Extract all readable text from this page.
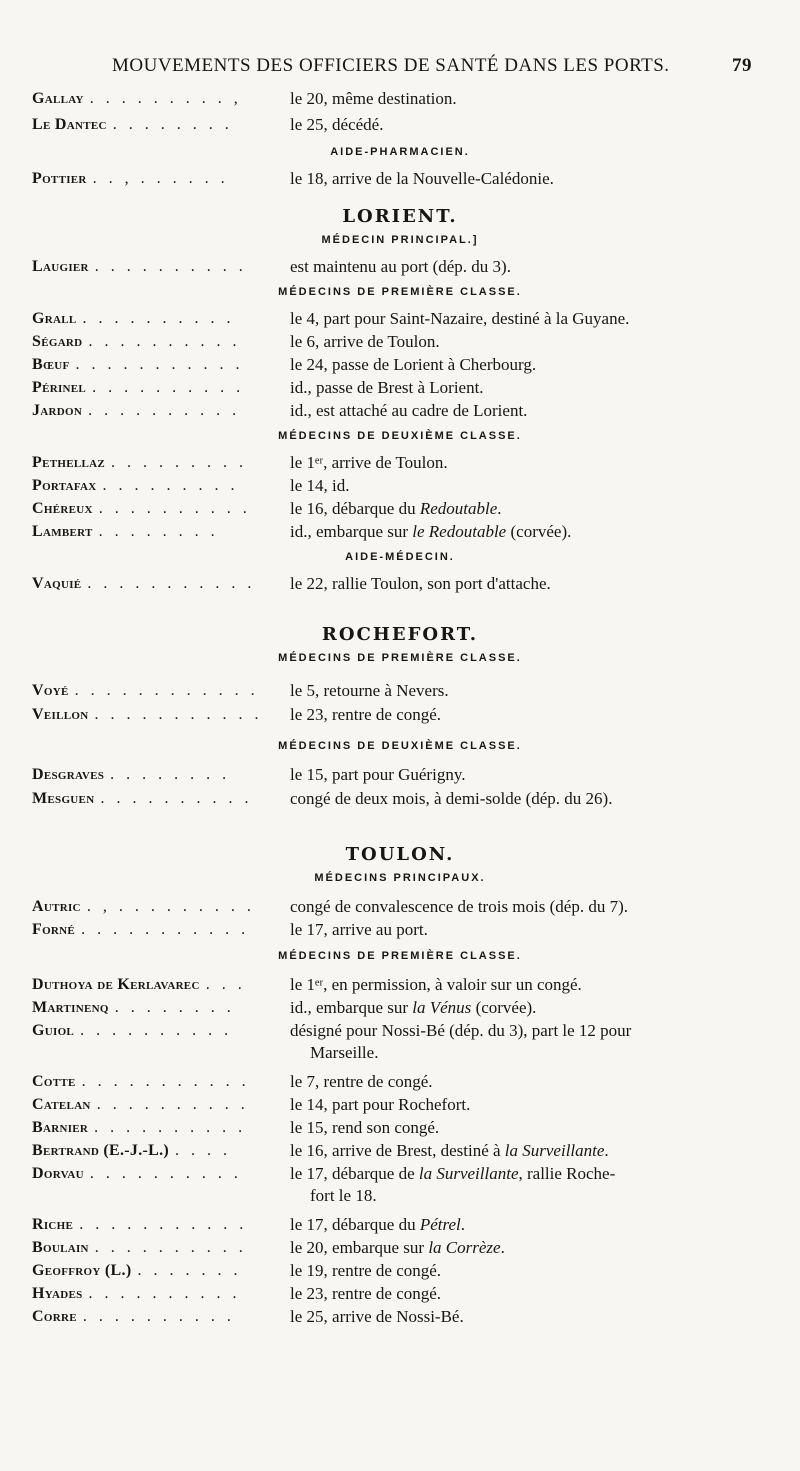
MOUVEMENTS DES OFFICIERS DE SANTÉ DANS LES PORTS.	79
Gallay . . . . . . . . . ,	le 20, même destination.
Le Dantec . . . . . . . .	le 25, décédé.
AIDE-PHARMACIEN.
Pottier . . , . . . . . .	le 18, arrive de la Nouvelle-Calédonie.
LORIENT.
MÉDECIN PRINCIPAL.]
Laugier . . . . . . . . . .	est maintenu au port (dép. du 3).
MÉDECINS DE PREMIÈRE CLASSE.
Grall . . . . . . . . . .	le 4, part pour Saint-Nazaire, destiné à la Guyane.
Ségard . . . . . . . . . .	le 6, arrive de Toulon.
Bœuf . . . . . . . . . . .	le 24, passe de Lorient à Cherbourg.
Périnel . . . . . . . . . .	id., passe de Brest à Lorient.
Jardon . . . . . . . . . .	id., est attaché au cadre de Lorient.
MÉDECINS DE DEUXIÈME CLASSE.
Pethellaz . . . . . . . . .	le 1ᵉʳ, arrive de Toulon.
Portafax . . . . . . . . .	le 14, id.
Chéreux . . . . . . . . . . le 16, débarque du Redoutable.
Lambert . . . . . . . .	id., embarque sur le Redoutable (corvée).
AIDE-MÉDECIN.
Vaquié . . . . . . . . . . . le 22, rallie Toulon, son port d'attache.
ROCHEFORT.
MÉDECINS DE PREMIÈRE CLASSE.
Voyé . . . . . . . . . . . . le 5, retourne à Nevers.
Veillon . . . . . . . . . . . le 23, rentre de congé.
MÉDECINS DE DEUXIÈME CLASSE.
Desgraves . . . . . . . .	le 15, part pour Guérigny.
Mesguen . . . . . . . . . . congé de deux mois, à demi-solde (dép. du 26).
TOULON.
MÉDECINS PRINCIPAUX.
Autric . , . . . . . . . . . congé de convalescence de trois mois (dép. du 7).
Forné . . . . . . . . . . . le 17, arrive au port.
MÉDECINS DE PREMIÈRE CLASSE.
Duthoya de Kerlavarec . . .	le 1ᵉʳ, en permission, à valoir sur un congé.
Martinenq . . . . . . . .	id., embarque sur la Vénus (corvée).
Guiol . . . . . . . . . .	désigné pour Nossi-Bé (dép. du 3), part le 12 pour
Marseille.
Cotte . . . . . . . . . . . le 7, rentre de congé.
Catelan . . . . . . . . . . le 14, part pour Rochefort.
Barnier . . . . . . . . . .	le 15, rend son congé.
Bertrand (E.-J.-L.) . . . .	le 16, arrive de Brest, destiné à la Surveillante.
Dorvau . . . . . . . . . .	le 17, débarque de la Surveillante, rallie Roche-
fort le 18.
Riche . . . . . . . . . . .	le 17, débarque du Pétrel.
Boulain . . . . . . . . . .	le 20, embarque sur la Corrèze.
Geoffroy (L.) . . . . . . .	le 19, rentre de congé.
Hyades . . . . . . . . . .	le 23, rentre de congé.
Corre . . . . . . . . . .	le 25, arrive de Nossi-Bé.
